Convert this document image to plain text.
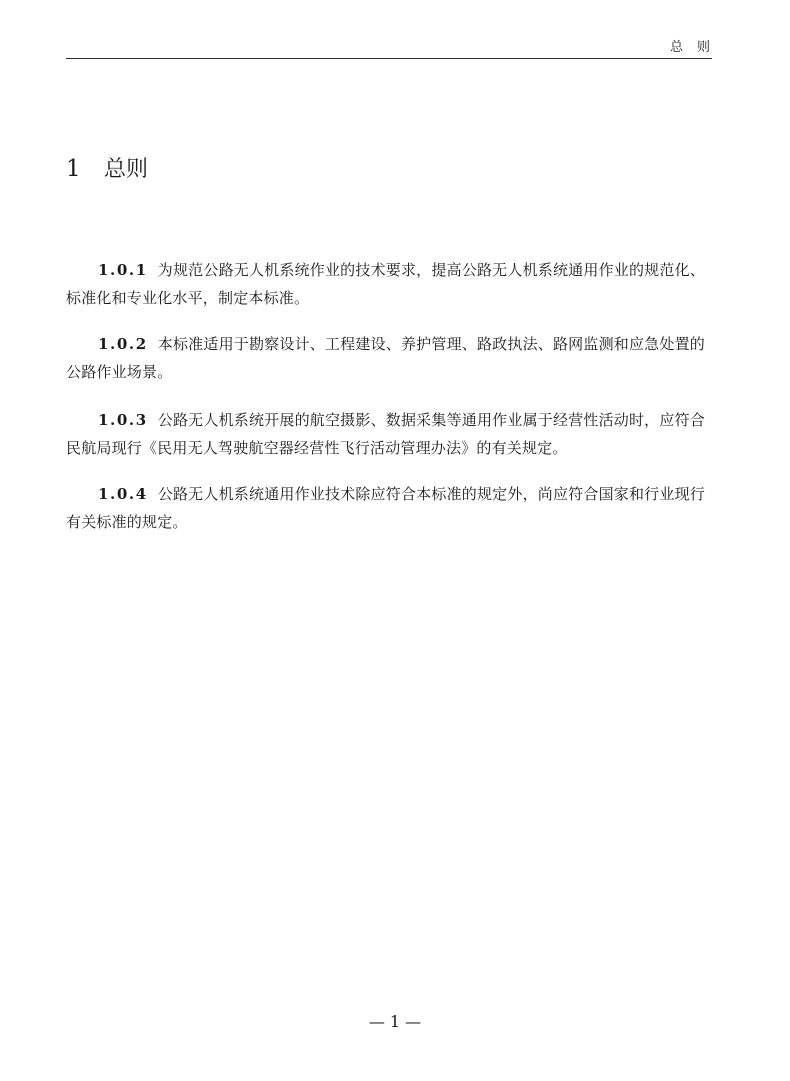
总则
1 总则

1.0.1 为规范公路无人机系统作业的技术要求，提高公路无人机系统通用作业的规范化、标准化和专业化水平，制定本标准。

1.0.2 本标准适用于勘察设计、工程建设、养护管理、路政执法、路网监测和应急处置的公路作业场景。

1.0.3 公路无人机系统开展的航空摄影、数据采集等通用作业属于经营性活动时，应符合民航局现行《民用无人驾驶航空器经营性飞行活动管理办法》的有关规定。

1.0.4 公路无人机系统通用作业技术除应符合本标准的规定外，尚应符合国家和行业现行有关标准的规定。

— 1 —
